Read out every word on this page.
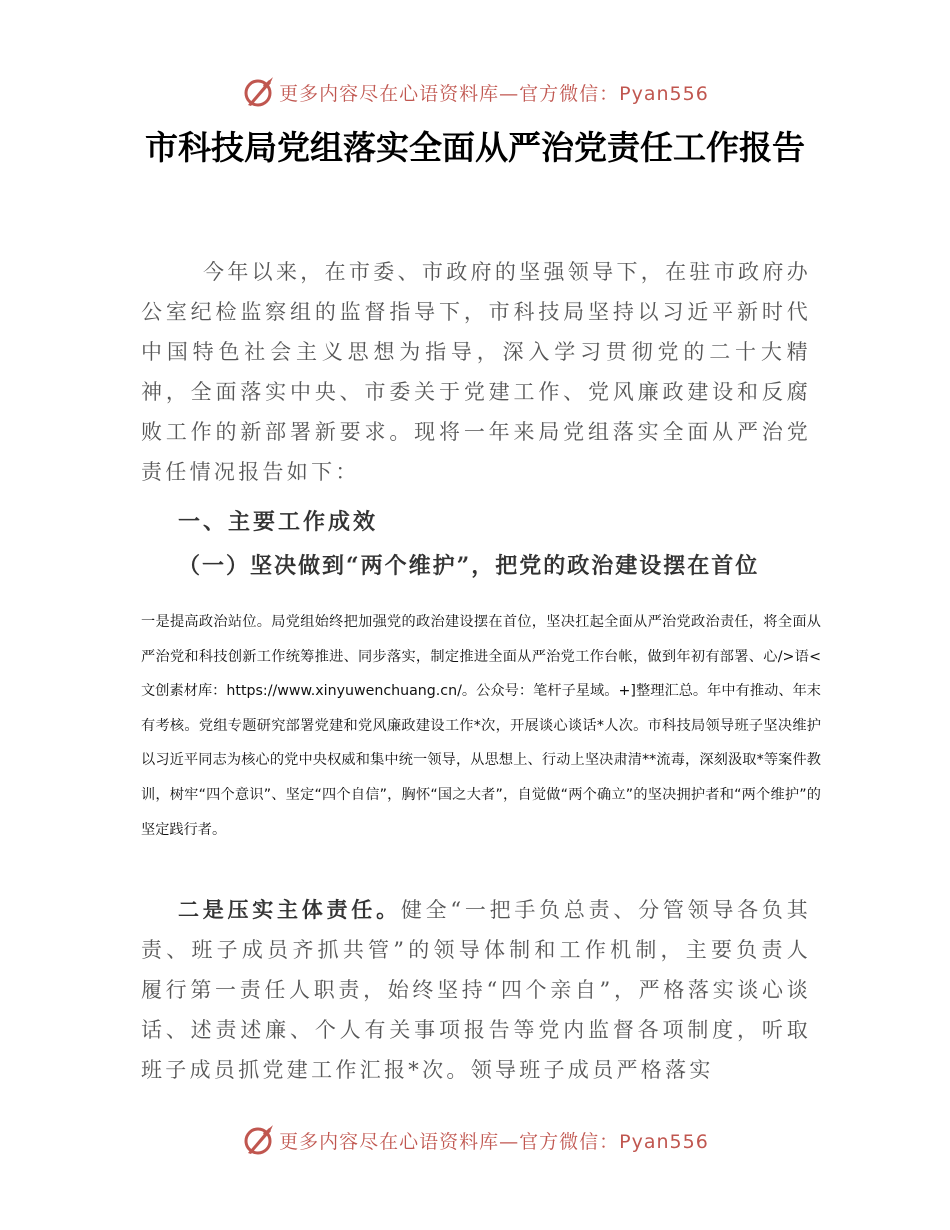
更多内容尽在心语资料库—官方微信：Pyan556
市科技局党组落实全面从严治党责任工作报告

今年以来，在市委、市政府的坚强领导下，在驻市政府办公室纪检监察组的监督指导下，市科技局坚持以习近平新时代中国特色社会主义思想为指导，深入学习贯彻党的二十大精神，全面落实中央、市委关于党建工作、党风廉政建设和反腐败工作的新部署新要求。现将一年来局党组落实全面从严治党责任情况报告如下：

一、主要工作成效
（一）坚决做到“两个维护”，把党的政治建设摆在首位

一是提高政治站位。局党组始终把加强党的政治建设摆在首位，坚决扛起全面从严治党政治责任，将全面从严治党和科技创新工作统筹推进、同步落实，制定推进全面从严治党工作台帐，做到年初有部署、心/>语<文创素材库：https://www.xinyuwenchuang.cn/。公众号：笔杆子星域。+]整理汇总。年中有推动、年末有考核。党组专题研究部署党建和党风廉政建设工作*次，开展谈心谈话*人次。市科技局领导班子坚决维护以习近平同志为核心的党中央权威和集中统一领导，从思想上、行动上坚决肃清**流毒，深刻汲取*等案件教训，树牢“四个意识”、坚定“四个自信”，胸怀“国之大者”，自觉做“两个确立”的坚决拥护者和“两个维护”的坚定践行者。

二是压实主体责任。健全“一把手负总责、分管领导各负其责、班子成员齐抓共管”的领导体制和工作机制，主要负责人履行第一责任人职责，始终坚持“四个亲自”，严格落实谈心谈话、述责述廉、个人有关事项报告等党内监督各项制度，听取班子成员抓党建工作汇报*次。领导班子成员严格落实

更多内容尽在心语资料库—官方微信：Pyan556
